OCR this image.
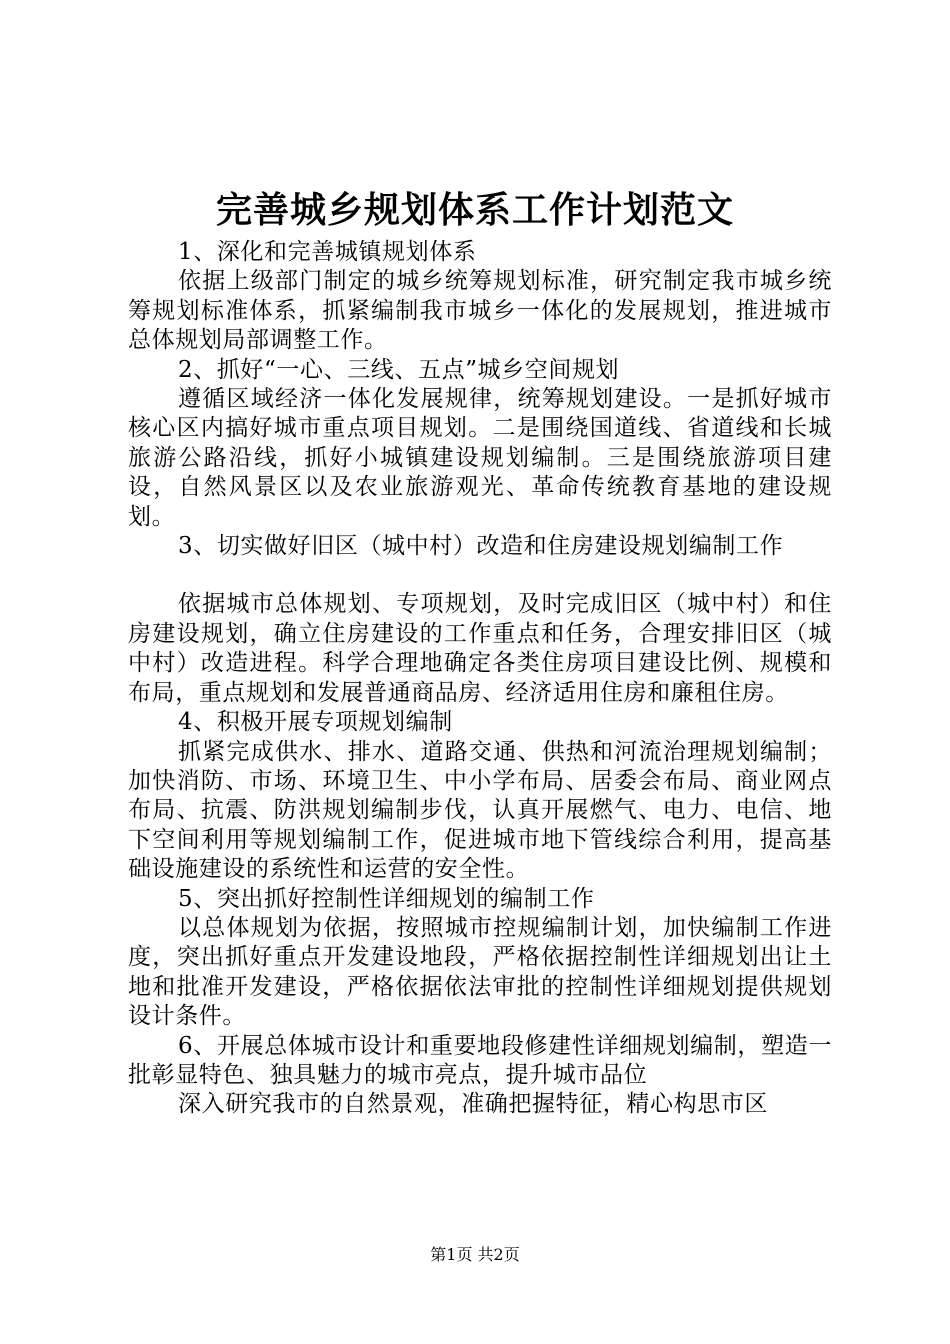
完善城乡规划体系工作计划范文

1、深化和完善城镇规划体系

依据上级部门制定的城乡统筹规划标准，研究制定我市城乡统筹规划标准体系，抓紧编制我市城乡一体化的发展规划，推进城市总体规划局部调整工作。

2、抓好“一心、三线、五点”城乡空间规划

遵循区域经济一体化发展规律，统筹规划建设。一是抓好城市核心区内搞好城市重点项目规划。二是围绕国道线、省道线和长城旅游公路沿线，抓好小城镇建设规划编制。三是围绕旅游项目建设，自然风景区以及农业旅游观光、革命传统教育基地的建设规划。

3、切实做好旧区（城中村）改造和住房建设规划编制工作

依据城市总体规划、专项规划，及时完成旧区（城中村）和住房建设规划，确立住房建设的工作重点和任务，合理安排旧区（城中村）改造进程。科学合理地确定各类住房项目建设比例、规模和布局，重点规划和发展普通商品房、经济适用住房和廉租住房。

4、积极开展专项规划编制

抓紧完成供水、排水、道路交通、供热和河流治理规划编制；加快消防、市场、环境卫生、中小学布局、居委会布局、商业网点布局、抗震、防洪规划编制步伐，认真开展燃气、电力、电信、地下空间利用等规划编制工作，促进城市地下管线综合利用，提高基础设施建设的系统性和运营的安全性。

5、突出抓好控制性详细规划的编制工作

以总体规划为依据，按照城市控规编制计划，加快编制工作进度，突出抓好重点开发建设地段，严格依据控制性详细规划出让土地和批准开发建设，严格依据依法审批的控制性详细规划提供规划设计条件。

6、开展总体城市设计和重要地段修建性详细规划编制，塑造一批彰显特色、独具魅力的城市亮点，提升城市品位

深入研究我市的自然景观，准确把握特征，精心构思市区

第1页 共2页
